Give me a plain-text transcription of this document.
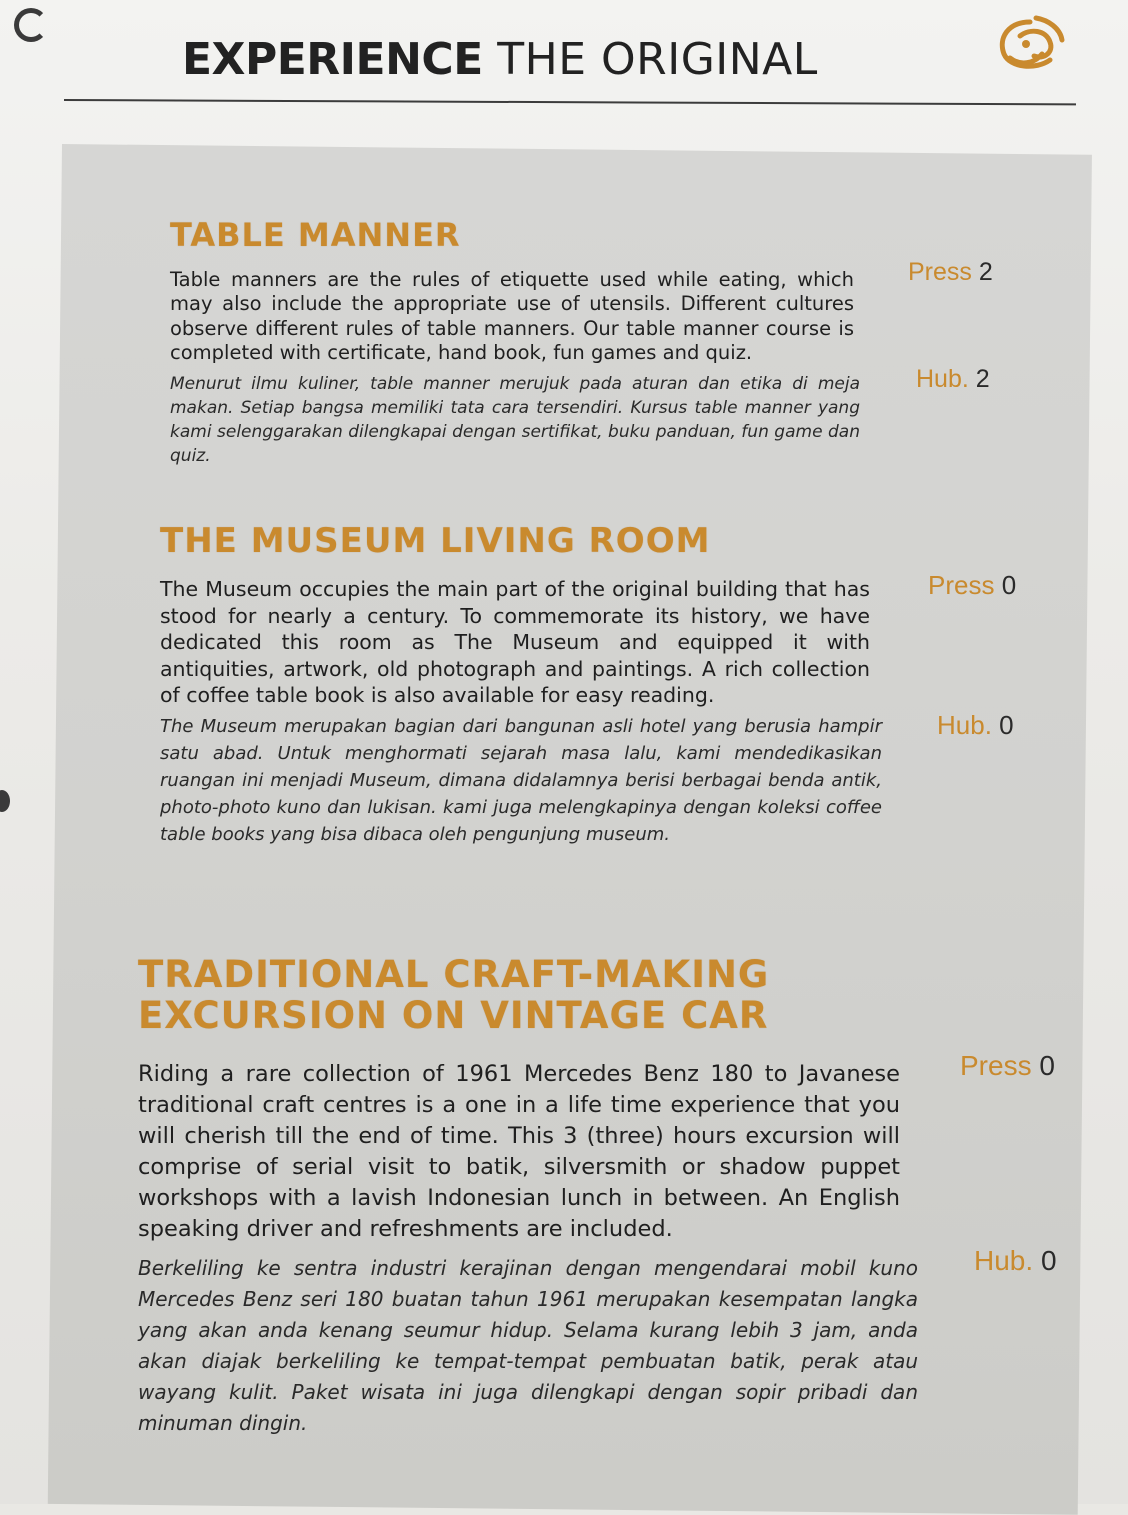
EXPERIENCE THE ORIGINAL
TABLE MANNER
Table manners are the rules of etiquette used while eating, which may also include the appropriate use of utensils. Different cultures observe different rules of table manners. Our table manner course is completed with certificate, hand book, fun games and quiz.
Menurut ilmu kuliner, table manner merujuk pada aturan dan etika di meja makan. Setiap bangsa memiliki tata cara tersendiri. Kursus table manner yang kami selenggarakan dilengkapai dengan sertifikat, buku panduan, fun game dan quiz.
Press 2
Hub. 2
THE MUSEUM LIVING ROOM
The Museum occupies the main part of the original building that has stood for nearly a century. To commemorate its history, we have dedicated this room as The Museum and equipped it with antiquities, artwork, old photograph and paintings. A rich collection of coffee table book is also available for easy reading.
The Museum merupakan bagian dari bangunan asli hotel yang berusia hampir satu abad. Untuk menghormati sejarah masa lalu, kami mendedikasikan ruangan ini menjadi Museum, dimana didalamnya berisi berbagai benda antik, photo-photo kuno dan lukisan. kami juga melengkapinya dengan koleksi coffee table books yang bisa dibaca oleh pengunjung museum.
Press 0
Hub. 0
TRADITIONAL CRAFT-MAKING
EXCURSION ON VINTAGE CAR
Riding a rare collection of 1961 Mercedes Benz 180 to Javanese traditional craft centres is a one in a life time experience that you will cherish till the end of time. This 3 (three) hours excursion will comprise of serial visit to batik, silversmith or shadow puppet workshops with a lavish Indonesian lunch in between. An English speaking driver and refreshments are included.
Berkeliling ke sentra industri kerajinan dengan mengendarai mobil kuno Mercedes Benz seri 180 buatan tahun 1961 merupakan kesempatan langka yang akan anda kenang seumur hidup. Selama kurang lebih 3 jam, anda akan diajak berkeliling ke tempat-tempat pembuatan batik, perak atau wayang kulit. Paket wisata ini juga dilengkapi dengan sopir pribadi dan minuman dingin.
Press 0
Hub. 0
